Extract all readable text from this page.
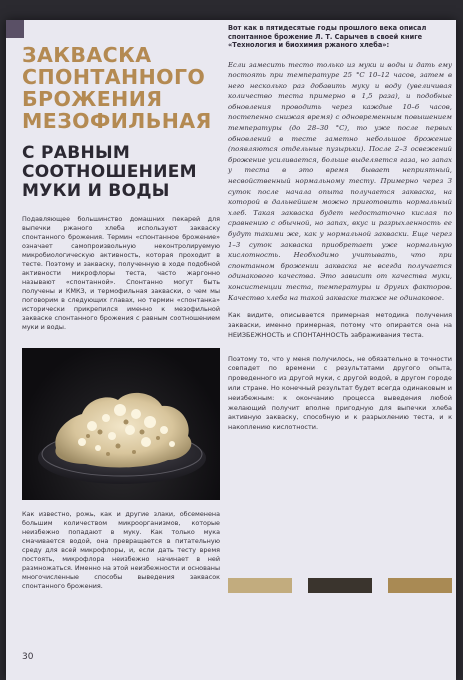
ЗАКВАСКА СПОНТАННОГО БРОЖЕНИЯ МЕЗОФИЛЬНАЯ
С РАВНЫМ СООТНОШЕНИЕМ МУКИ И ВОДЫ

Подавляющее большинство домашних пекарей для выпечки ржаного хлеба используют закваску спонтанного брожения. Термин «спонтанное брожение» означает самопроизвольную неконтролируемую микробиологическую активность, которая проходит в тесте. Поэтому и закваску, полученную в ходе подобной активности микрофлоры теста, часто жаргонно называют «спонтанной». Спонтанно могут быть получены и КМКЗ, и термофильная закваски, о чем мы поговорим в следующих главах, но термин «спонтанка» исторически прикрепился именно к мезофильной закваске спонтанного брожения с равным соотношением муки и воды.

Как известно, рожь, как и другие злаки, обсеменена большим количеством микроорганизмов, которые неизбежно попадают в муку. Как только мука смачивается водой, она превращается в питательную среду для всей микрофлоры, и, если дать тесту время постоять, микрофлора неизбежно начинает в ней размножаться. Именно на этой неизбежности и основаны многочисленные способы выведения заквасок спонтанного брожения.

Вот как в пятидесятые годы прошлого века описал спонтанное брожение Л. Т. Сарычев в своей книге «Технология и биохимия ржаного хлеба»:

Если замесить тесто только из муки и воды и дать ему постоять при температуре 25 °С 10–12 часов, затем в него несколько раз добавить муку и воду (увеличивая количество теста примерно в 1,5 раза), и подобные обновления проводить через каждые 10–6 часов, постепенно снижая время) с одновременным повышением температуры (до 28–30 °С), то уже после первых обновлений в тесте заметно небольшое брожение (появляются отдельные пузырьки). После 2–3 освежений брожение усиливается, больше выделяется газа, но запах у теста в это время бывает неприятный, несвойственный нормальному тесту. Примерно через 3 суток после начала опыта получается закваска, на которой в дальнейшем можно приготовить нормальный хлеб. Такая закваска будет недостаточно кислая по сравнению с обычной, но запах, вкус и разрыхленность ее будут такими же, как у нормальной закваски. Еще через 1–3 суток закваска приобретает уже нормальную кислотность. Необходимо учитывать, что при спонтанном брожении закваска не всегда получается одинакового качества. Это зависит от качества муки, консистенции теста, температуры и других факторов. Качество хлеба на такой закваске также не одинаковое.

Как видите, описывается примерная методика получения закваски, именно примерная, потому что опирается она на НЕИЗБЕЖНОСТЬ и СПОНТАННОСТЬ забраживания теста.

Поэтому то, что у меня получилось, не обязательно в точности совпадет по времени с результатами другого опыта, проведенного из другой муки, с другой водой, в другом городе или стране. Но конечный результат будет всегда одинаковым и неизбежным: к окончанию процесса выведения любой желающий получит вполне пригодную для выпечки хлеба активную закваску, способную и к разрыхлению теста, и к накоплению кислотности.

30
